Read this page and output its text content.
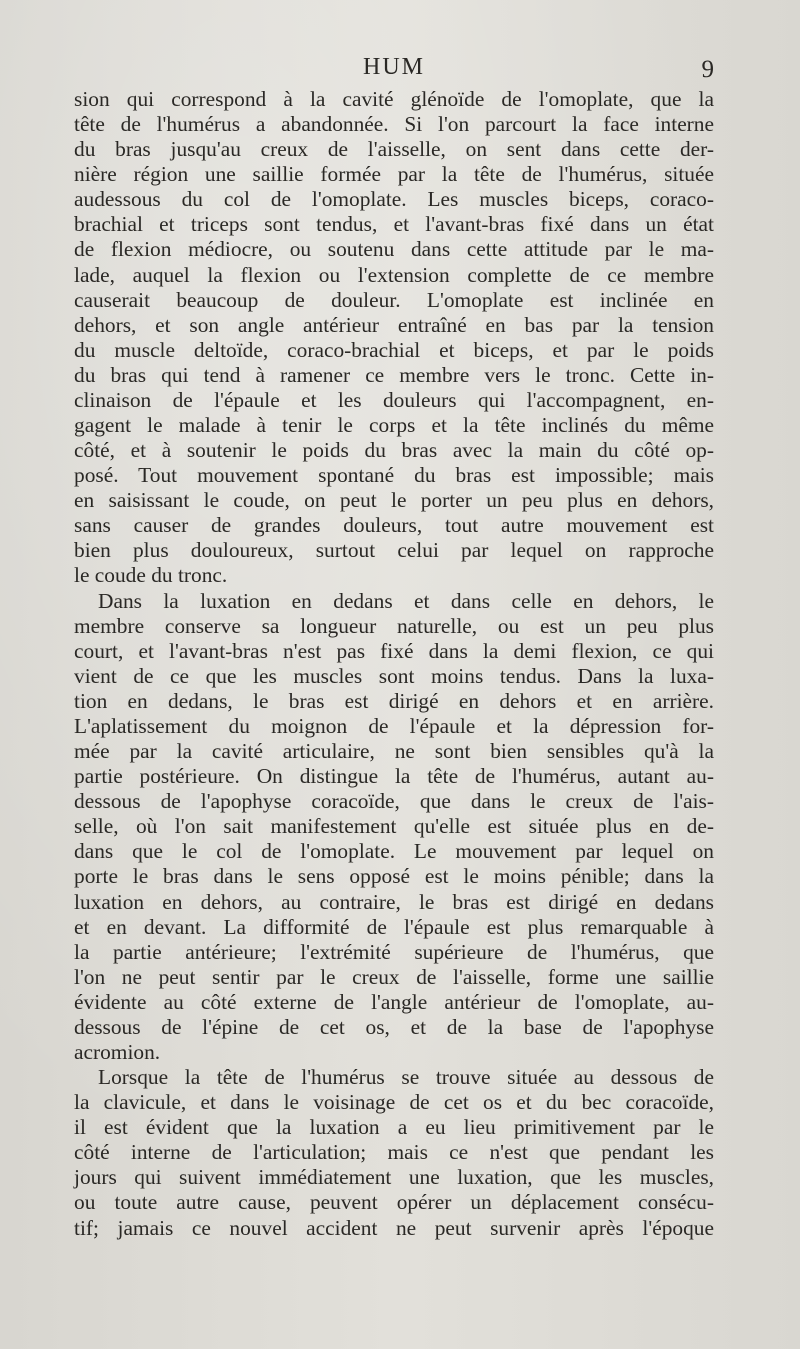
HUM	9
sion qui correspond à la cavité glénoïde de l'omoplate, que la
tête de l'humérus a abandonnée. Si l'on parcourt la face interne
du bras jusqu'au creux de l'aisselle, on sent dans cette der-
nière région une saillie formée par la tête de l'humérus, située
audessous du col de l'omoplate. Les muscles biceps, coraco-
brachial et triceps sont tendus, et l'avant-bras fixé dans un état
de flexion médiocre, ou soutenu dans cette attitude par le ma-
lade, auquel la flexion ou l'extension complette de ce membre
causerait beaucoup de douleur. L'omoplate est inclinée en
dehors, et son angle antérieur entraîné en bas par la tension
du muscle deltoïde, coraco-brachial et biceps, et par le poids
du bras qui tend à ramener ce membre vers le tronc. Cette in-
clinaison de l'épaule et les douleurs qui l'accompagnent, en-
gagent le malade à tenir le corps et la tête inclinés du même
côté, et à soutenir le poids du bras avec la main du côté op-
posé. Tout mouvement spontané du bras est impossible; mais
en saisissant le coude, on peut le porter un peu plus en dehors,
sans causer de grandes douleurs, tout autre mouvement est
bien plus douloureux, surtout celui par lequel on rapproche
le coude du tronc.
Dans la luxation en dedans et dans celle en dehors, le
membre conserve sa longueur naturelle, ou est un peu plus
court, et l'avant-bras n'est pas fixé dans la demi flexion, ce qui
vient de ce que les muscles sont moins tendus. Dans la luxa-
tion en dedans, le bras est dirigé en dehors et en arrière.
L'aplatissement du moignon de l'épaule et la dépression for-
mée par la cavité articulaire, ne sont bien sensibles qu'à la
partie postérieure. On distingue la tête de l'humérus, autant au-
dessous de l'apophyse coracoïde, que dans le creux de l'ais-
selle, où l'on sait manifestement qu'elle est située plus en de-
dans que le col de l'omoplate. Le mouvement par lequel on
porte le bras dans le sens opposé est le moins pénible; dans la
luxation en dehors, au contraire, le bras est dirigé en dedans
et en devant. La difformité de l'épaule est plus remarquable à
la partie antérieure; l'extrémité supérieure de l'humérus, que
l'on ne peut sentir par le creux de l'aisselle, forme une saillie
évidente au côté externe de l'angle antérieur de l'omoplate, au-
dessous de l'épine de cet os, et de la base de l'apophyse
acromion.
Lorsque la tête de l'humérus se trouve située au dessous de
la clavicule, et dans le voisinage de cet os et du bec coracoïde,
il est évident que la luxation a eu lieu primitivement par le
côté interne de l'articulation; mais ce n'est que pendant les
jours qui suivent immédiatement une luxation, que les muscles,
ou toute autre cause, peuvent opérer un déplacement consécu-
tif; jamais ce nouvel accident ne peut survenir après l'époque
